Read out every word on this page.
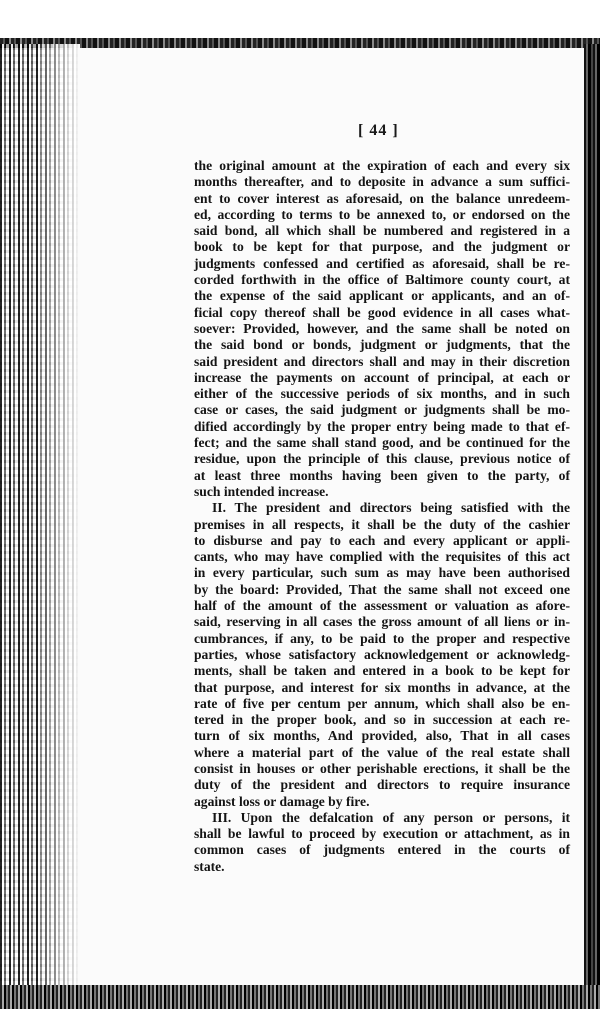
[ 44 ]

the original amount at the expiration of each and every six

months thereafter, and to deposite in advance a sum suffici-

ent to cover interest as aforesaid, on the balance unredeem-

ed, according to terms to be annexed to, or endorsed on the

said bond, all which shall be numbered and registered in a

book to be kept for that purpose, and the judgment or

judgments confessed and certified as aforesaid, shall be re-

corded forthwith in the office of Baltimore county court, at

the expense of the said applicant or applicants, and an of-

ficial copy thereof shall be good evidence in all cases what-

soever: Provided, however, and the same shall be noted on

the said bond or bonds, judgment or judgments, that the

said president and directors shall and may in their discretion

increase the payments on account of principal, at each or

either of the successive periods of six months, and in such

case or cases, the said judgment or judgments shall be mo-

dified accordingly by the proper entry being made to that ef-

fect; and the same shall stand good, and be continued for the

residue, upon the principle of this clause, previous notice of

at least three months having been given to the party, of

such intended increase.

II. The president and directors being satisfied with the

premises in all respects, it shall be the duty of the cashier

to disburse and pay to each and every applicant or appli-

cants, who may have complied with the requisites of this act

in every particular, such sum as may have been authorised

by the board: Provided, That the same shall not exceed one

half of the amount of the assessment or valuation as afore-

said, reserving in all cases the gross amount of all liens or in-

cumbrances, if any, to be paid to the proper and respective

parties, whose satisfactory acknowledgement or acknowledg-

ments, shall be taken and entered in a book to be kept for

that purpose, and interest for six months in advance, at the

rate of five per centum per annum, which shall also be en-

tered in the proper book, and so in succession at each re-

turn of six months, And provided, also, That in all cases

where a material part of the value of the real estate shall

consist in houses or other perishable erections, it shall be the

duty of the president and directors to require insurance

against loss or damage by fire.

III. Upon the defalcation of any person or persons, it

shall be lawful to proceed by execution or attachment, as in

common cases of judgments entered in the courts of

state.
